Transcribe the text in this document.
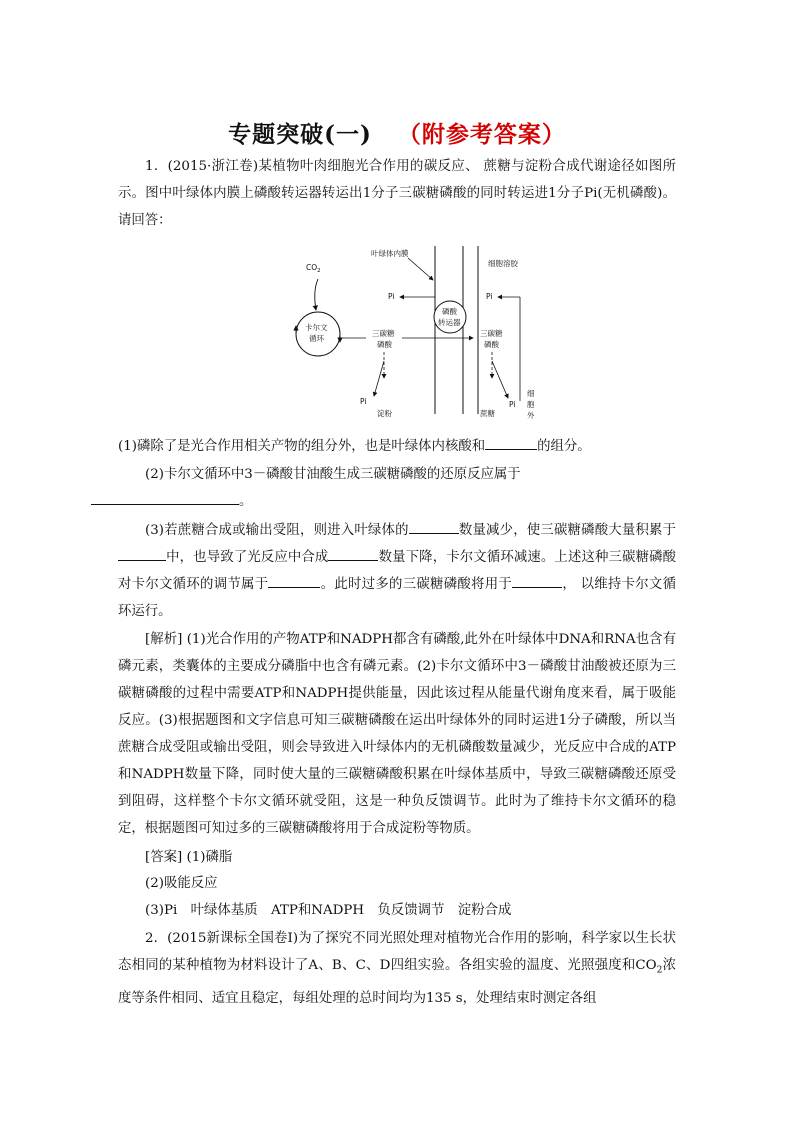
专题突破(一) （附参考答案）
1．(2015·浙江卷)某植物叶肉细胞光合作用的碳反应、 蔗糖与淀粉合成代谢途径如图所示。图中叶绿体内膜上磷酸转运器转运出1分子三碳糖磷酸的同时转运进1分子Pi(无机磷酸)。请回答：
$CO_2$
叶绿体内膜
细胞溶胶
卡尔文
循环
磷酸
转运器
Pi	Pi
三碳糖
磷酸
三碳糖
磷酸
Pi
淀粉
Pi
蔗糖
细
胞
外
(1)磷除了是光合作用相关产物的组分外，也是叶绿体内核酸和	的组分。
(2)卡尔文循环中3－磷酸甘油酸生成三碳糖磷酸的还原反应属于
。
(3)若蔗糖合成或输出受阻，则进入叶绿体的	数量减少，使三碳糖磷酸大量积累于中，也导致了光反应中合成	数量下降，卡尔文循环减速。上述这种三碳糖磷酸对卡尔文循环的调节属于	。此时过多的三碳糖磷酸将用于	， 以维持卡尔文循环运行。
[解析] (1)光合作用的产物ATP和NADPH都含有磷酸,此外在叶绿体中DNA和RNA也含有磷元素，类囊体的主要成分磷脂中也含有磷元素。(2)卡尔文循环中3－磷酸甘油酸被还原为三碳糖磷酸的过程中需要ATP和NADPH提供能量，因此该过程从能量代谢角度来看，属于吸能反应。(3)根据题图和文字信息可知三碳糖磷酸在运出叶绿体外的同时运进1分子磷酸，所以当蔗糖合成受阻或输出受阻，则会导致进入叶绿体内的无机磷酸数量减少，光反应中合成的ATP和NADPH数量下降，同时使大量的三碳糖磷酸积累在叶绿体基质中，导致三碳糖磷酸还原受到阻碍，这样整个卡尔文循环就受阻，这是一种负反馈调节。此时为了维持卡尔文循环的稳定，根据题图可知过多的三碳糖磷酸将用于合成淀粉等物质。
[答案] (1)磷脂
(2)吸能反应
(3)Pi　叶绿体基质　ATP和NADPH　负反馈调节　淀粉合成
2．(2015新课标全国卷Ⅰ)为了探究不同光照处理对植物光合作用的影响，科学家以生长状态相同的某种植物为材料设计了A、B、C、D四组实验。各组实验的温度、光照强度和$CO_2$浓度等条件相同、适宜且稳定，每组处理的总时间均为135 s，处理结束时测定各组
